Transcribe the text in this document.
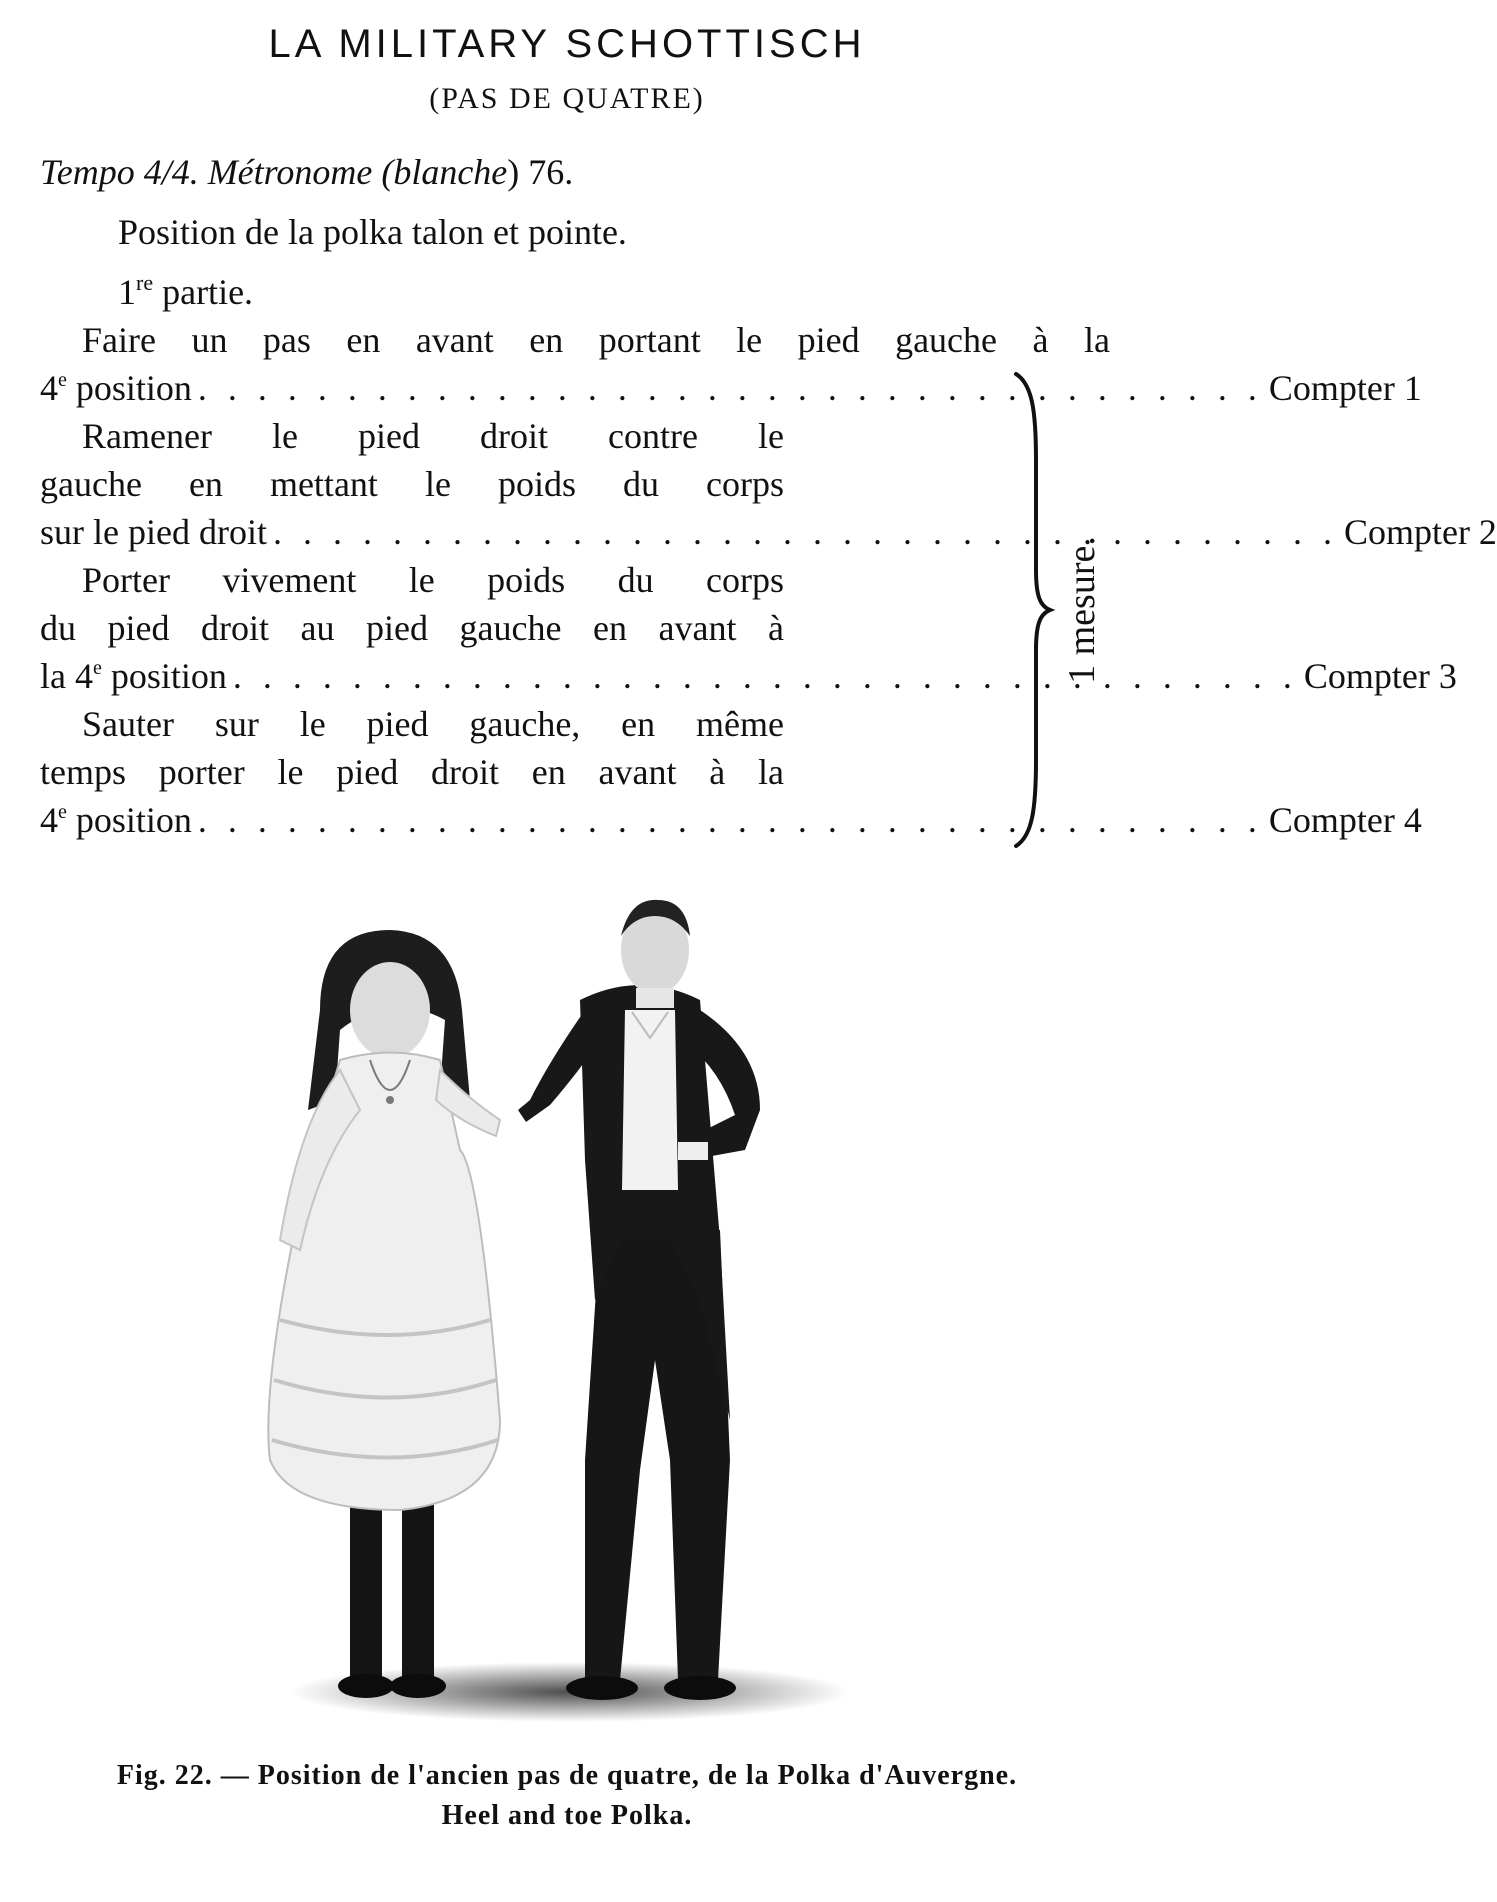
LA MILITARY SCHOTTISCH
(PAS DE QUATRE)
Tempo 4/4. Métronome (blanche) 76.
Position de la polka talon et pointe.
1re partie.
Faire un pas en avant en portant le pied gauche à la
4e position . . . . . . . . . . . . . . . . . . . . . . . . . . . . . . . . . . . . Compter 1
Ramener le pied droit contre le
gauche en mettant le poids du corps
sur le pied droit . . . . . . . . . . . . . . . . . . . . . . . . . . . . . . . . . . . . Compter 2
Porter vivement le poids du corps
du pied droit au pied gauche en avant à
la 4e position . . . . . . . . . . . . . . . . . . . . . . . . . . . . . . . . . . . . Compter 3
Sauter sur le pied gauche, en même
temps porter le pied droit en avant à la
4e position . . . . . . . . . . . . . . . . . . . . . . . . . . . . . . . . . . . . Compter 4
1 mesure.
Fig. 22. — Position de l'ancien pas de quatre, de la Polka d'Auvergne.
Heel and toe Polka.
